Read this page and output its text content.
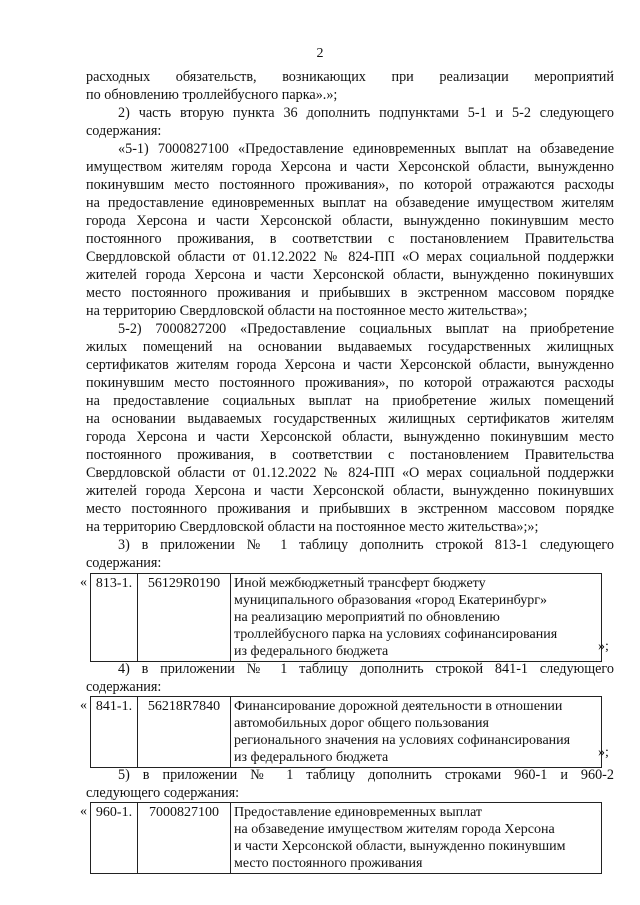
2
расходных обязательств, возникающих при реализации мероприятий
по обновлению троллейбусного парка».»;
2) часть вторую пункта 36 дополнить подпунктами 5-1 и 5-2 следующего
содержания:
«5-1) 7000827100 «Предоставление единовременных выплат на обзаведение
имуществом жителям города Херсона и части Херсонской области, вынужденно
покинувшим место постоянного проживания», по которой отражаются расходы
на предоставление единовременных выплат на обзаведение имуществом жителям
города Херсона и части Херсонской области, вынужденно покинувшим место
постоянного проживания, в соответствии с постановлением Правительства
Свердловской области от 01.12.2022 № 824-ПП «О мерах социальной поддержки
жителей города Херсона и части Херсонской области, вынужденно покинувших
место постоянного проживания и прибывших в экстренном массовом порядке
на территорию Свердловской области на постоянное место жительства»;
5-2) 7000827200 «Предоставление социальных выплат на приобретение
жилых помещений на основании выдаваемых государственных жилищных
сертификатов жителям города Херсона и части Херсонской области, вынужденно
покинувшим место постоянного проживания», по которой отражаются расходы
на предоставление социальных выплат на приобретение жилых помещений
на основании выдаваемых государственных жилищных сертификатов жителям
города Херсона и части Херсонской области, вынужденно покинувшим место
постоянного проживания, в соответствии с постановлением Правительства
Свердловской области от 01.12.2022 № 824-ПП «О мерах социальной поддержки
жителей города Херсона и части Херсонской области, вынужденно покинувших
место постоянного проживания и прибывших в экстренном массовом порядке
на территорию Свердловской области на постоянное место жительства»;»;
3) в приложении № 1 таблицу дополнить строкой 813-1 следующего
содержания:
« 813-1.	56129R0190	Иной межбюджетный трансферт бюджету
муниципального образования «город Екатеринбург»
на реализацию мероприятий по обновлению
троллейбусного парка на условиях софинансирования
из федерального бюджета	»;
4) в приложении № 1 таблицу дополнить строкой 841-1 следующего
содержания:
« 841-1.	56218R7840	Финансирование дорожной деятельности в отношении
автомобильных дорог общего пользования
регионального значения на условиях софинансирования
из федерального бюджета	»;
5) в приложении № 1 таблицу дополнить строками 960-1 и 960-2
следующего содержания:
« 960-1.	7000827100	Предоставление единовременных выплат
на обзаведение имуществом жителям города Херсона
и части Херсонской области, вынужденно покинувшим
место постоянного проживания
